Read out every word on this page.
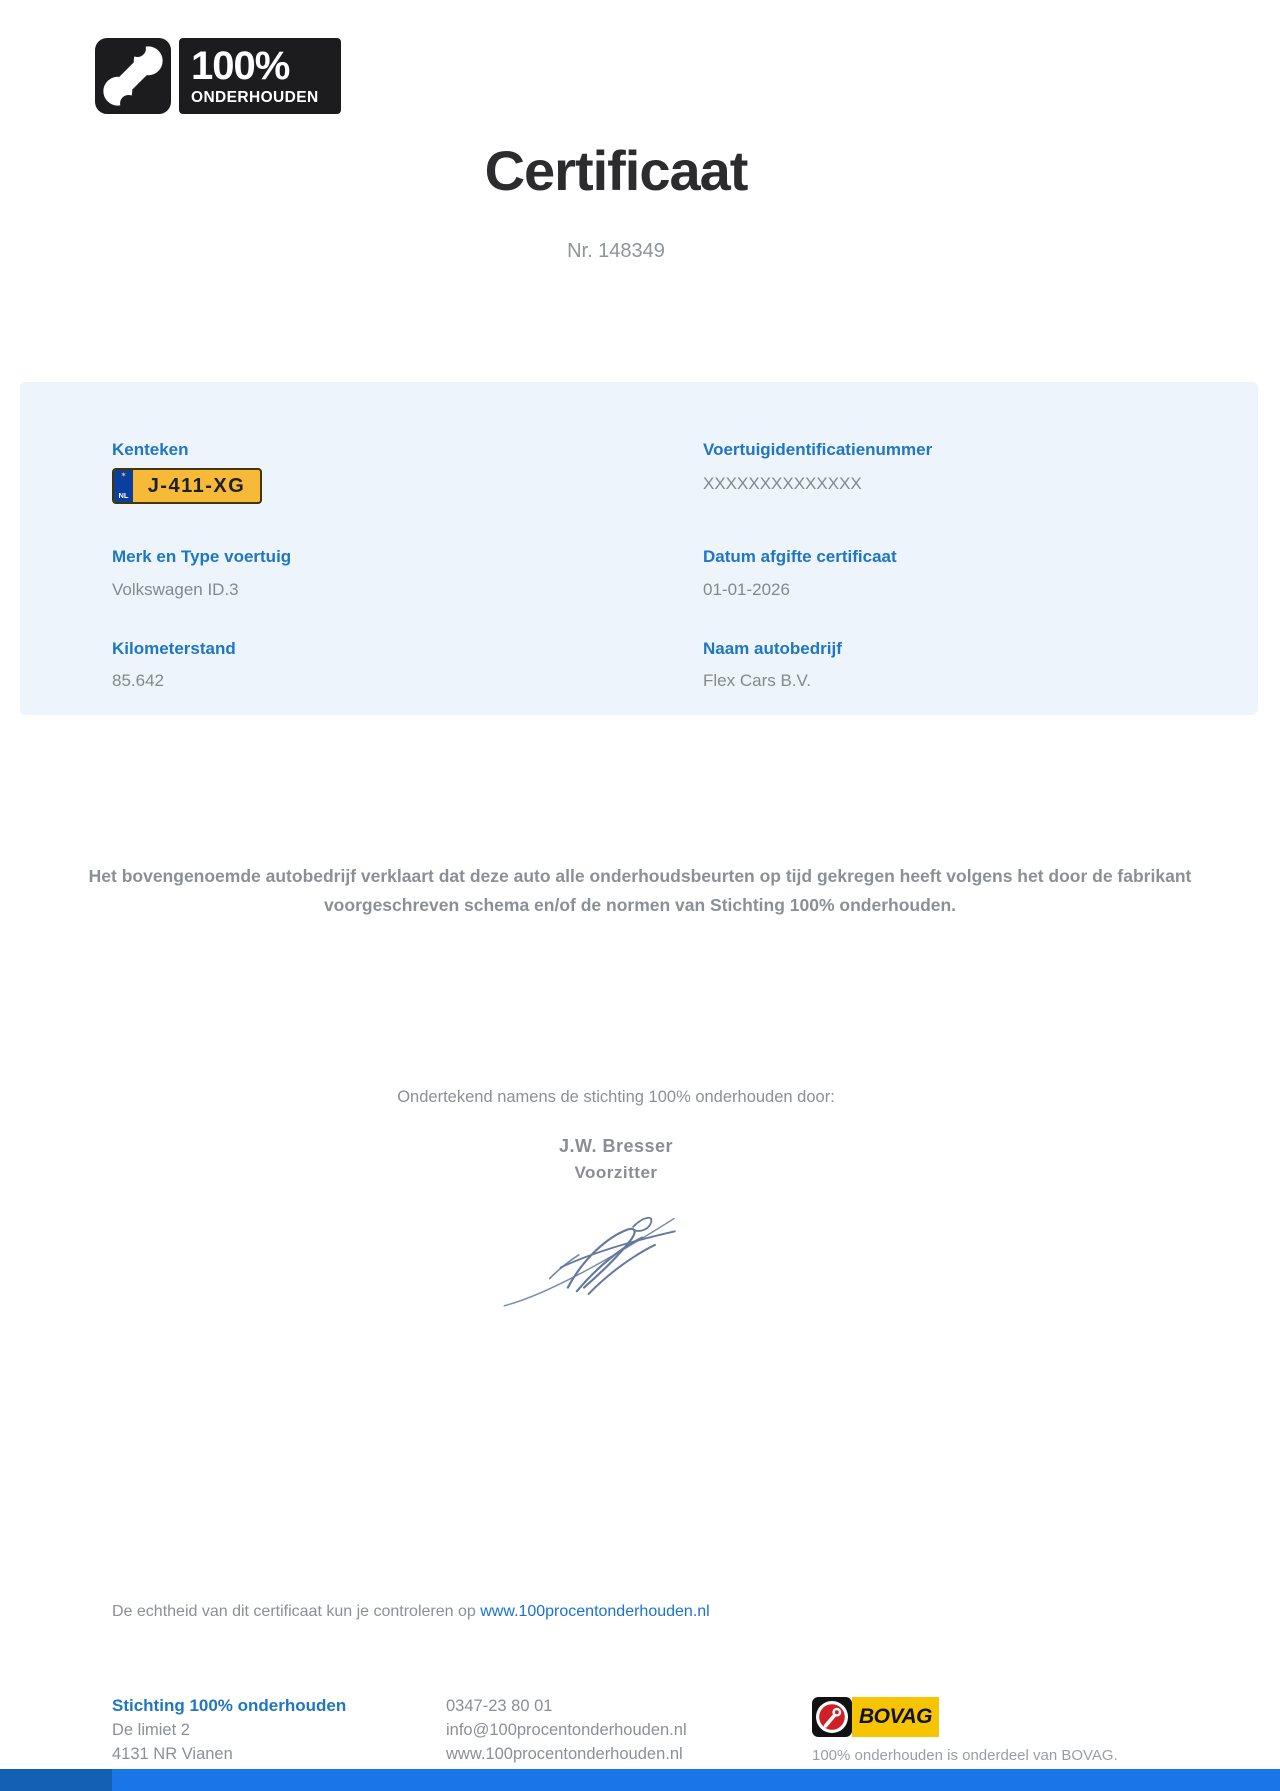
100%
ONDERHOUDEN
Certificaat
Nr. 148349
Kenteken
✶
NL J-411-XG
Voertuigidentificatienummer
XXXXXXXXXXXXXX
Merk en Type voertuig
Volkswagen ID.3
Datum afgifte certificaat
01-01-2026
Kilometerstand
85.642
Naam autobedrijf
Flex Cars B.V.
Het bovengenoemde autobedrijf verklaart dat deze auto alle onderhoudsbeurten op tijd gekregen heeft volgens het door de fabrikant
voorgeschreven schema en/of de normen van Stichting 100% onderhouden.
Ondertekend namens de stichting 100% onderhouden door:
J.W. Bresser
Voorzitter
De echtheid van dit certificaat kun je controleren op www.100procentonderhouden.nl
Stichting 100% onderhouden
De limiet 2
4131 NR Vianen
0347-23 80 01
info@100procentonderhouden.nl
www.100procentonderhouden.nl
BOVAG
100% onderhouden is onderdeel van BOVAG.
